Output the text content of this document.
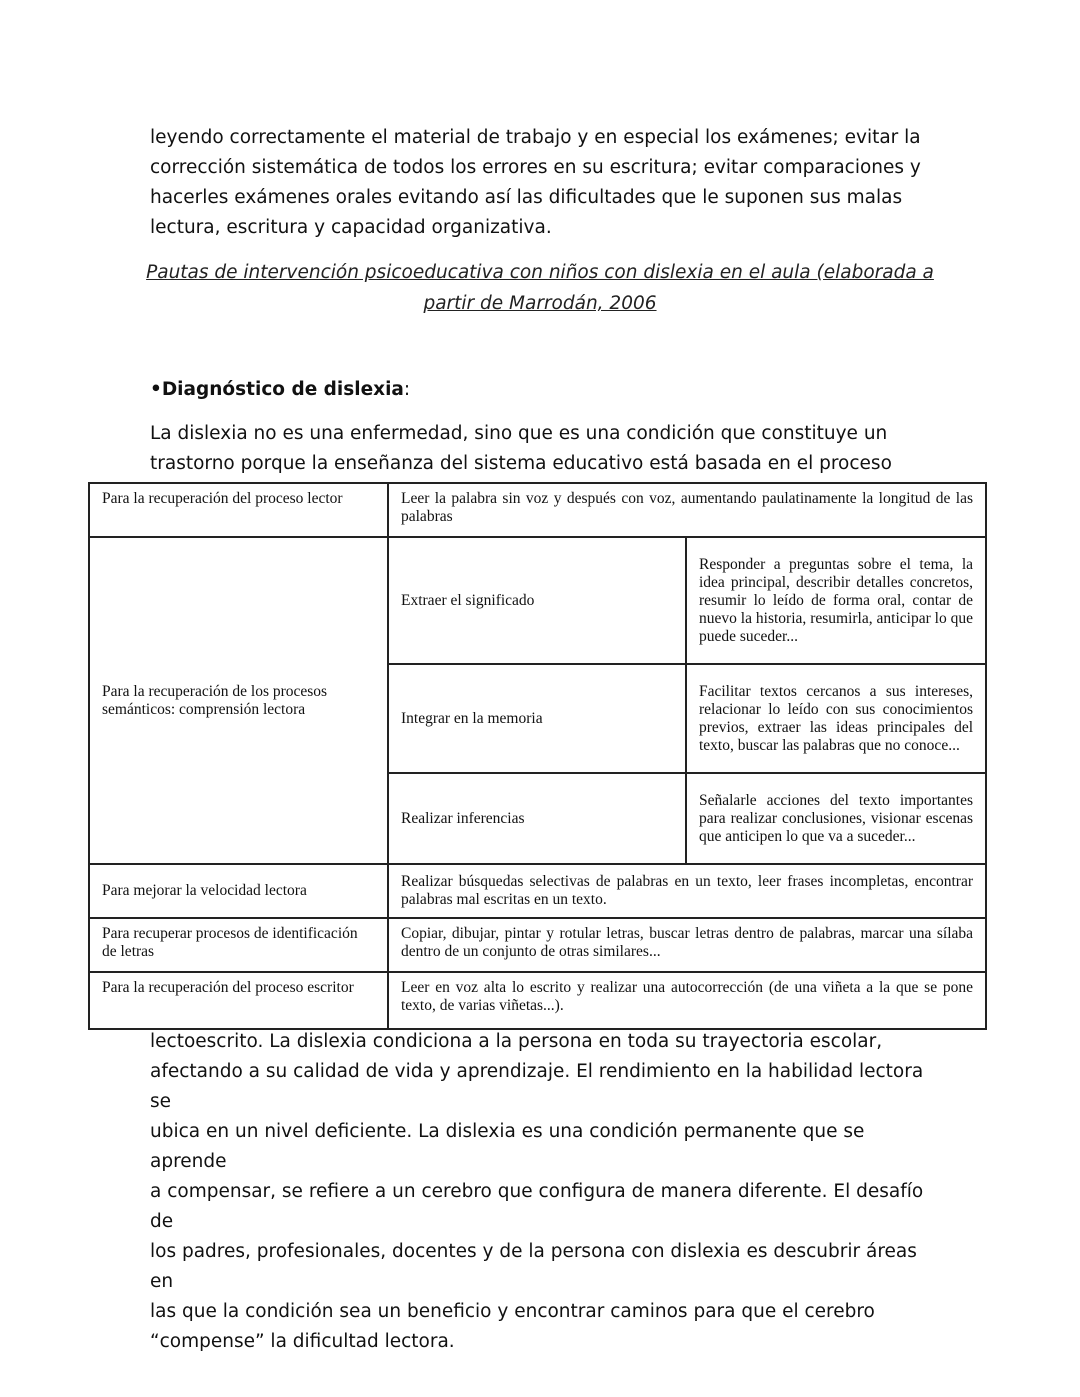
leyendo correctamente el material de trabajo y en especial los exámenes; evitar la
corrección sistemática de todos los errores en su escritura; evitar comparaciones y
hacerles exámenes orales evitando así las dificultades que le suponen sus malas
lectura, escritura y capacidad organizativa.
Pautas de intervención psicoeducativa con niños con dislexia en el aula (elaborada a
partir de Marrodán, 2006
•Diagnóstico de dislexia:
La dislexia no es una enfermedad, sino que es una condición que constituye un
trastorno porque la enseñanza del sistema educativo está basada en el proceso
Para la recuperación del proceso lector	Leer la palabra sin voz y después con voz, aumentando paulatinamente la longitud de las palabras	
Para la recuperación de los procesos semánticos: comprensión lectora	Extraer el significado	Responder a preguntas sobre el tema, la idea principal, describir detalles concretos, resumir lo leído de forma oral, contar de nuevo la historia, resumirla, anticipar lo que puede suceder...
	Integrar en la memoria	Facilitar textos cercanos a sus intereses, relacionar lo leído con sus conocimientos previos, extraer las ideas principales del texto, buscar las palabras que no conoce...
	Realizar inferencias	Señalarle acciones del texto importantes para realizar conclusiones, visionar escenas que anticipen lo que va a suceder...
Para mejorar la velocidad lectora	Realizar búsquedas selectivas de palabras en un texto, leer frases incompletas, encontrar palabras mal escritas en un texto.	
Para recuperar procesos de identificación de letras	Copiar, dibujar, pintar y rotular letras, buscar letras dentro de palabras, marcar una sílaba dentro de un conjunto de otras similares...	
Para la recuperación del proceso escritor	Leer en voz alta lo escrito y realizar una autocorrección (de una viñeta a la que se pone texto, de varias viñetas...).	
lectoescrito. La dislexia condiciona a la persona en toda su trayectoria escolar,
afectando a su calidad de vida y aprendizaje. El rendimiento en la habilidad lectora se
ubica en un nivel deficiente. La dislexia es una condición permanente que se aprende
a compensar, se refiere a un cerebro que configura de manera diferente. El desafío de
los padres, profesionales, docentes y de la persona con dislexia es descubrir áreas en
las que la condición sea un beneficio y encontrar caminos para que el cerebro
“compense” la dificultad lectora.
